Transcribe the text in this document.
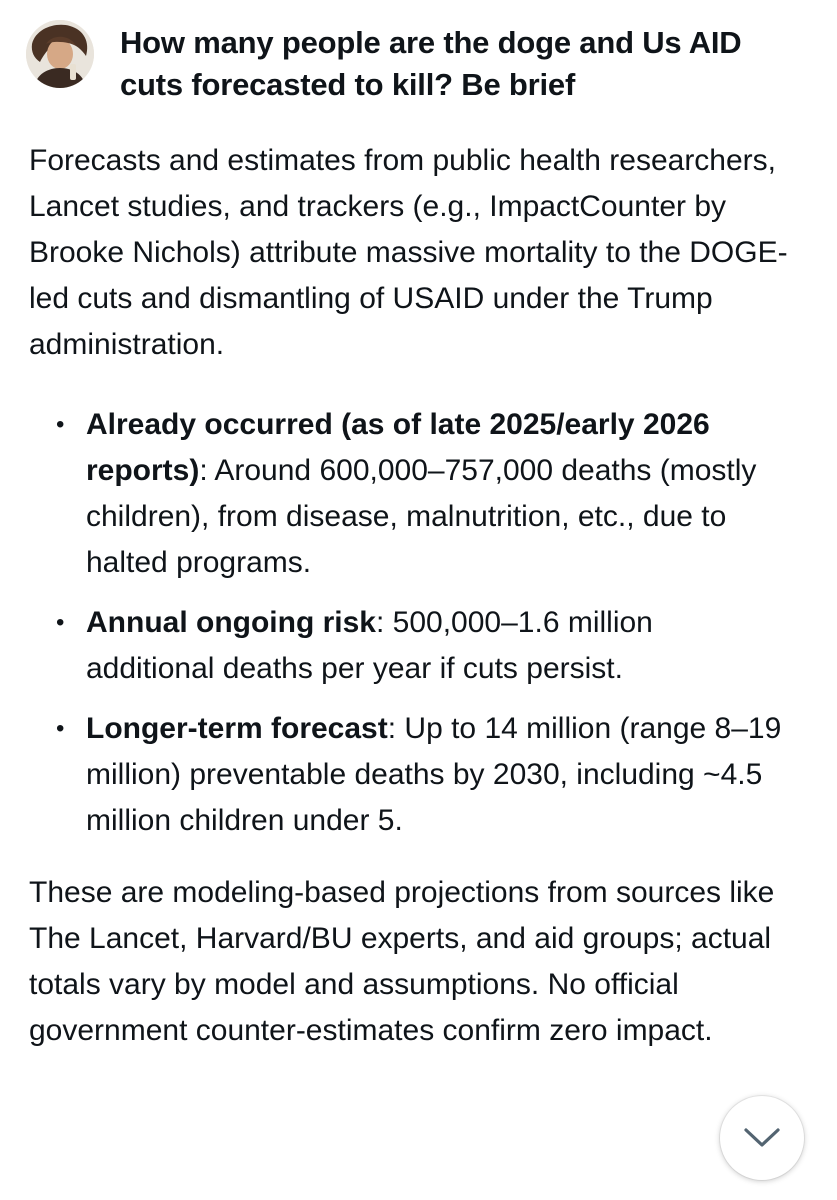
How many people are the doge and Us AID cuts forecasted to kill? Be brief

Forecasts and estimates from public health researchers, Lancet studies, and trackers (e.g., ImpactCounter by Brooke Nichols) attribute massive mortality to the DOGE-led cuts and dismantling of USAID under the Trump administration.

• Already occurred (as of late 2025/early 2026 reports): Around 600,000–757,000 deaths (mostly children), from disease, malnutrition, etc., due to halted programs.
• Annual ongoing risk: 500,000–1.6 million additional deaths per year if cuts persist.
• Longer-term forecast: Up to 14 million (range 8–19 million) preventable deaths by 2030, including ~4.5 million children under 5.

These are modeling-based projections from sources like The Lancet, Harvard/BU experts, and aid groups; actual totals vary by model and assumptions. No official government counter-estimates confirm zero impact.
